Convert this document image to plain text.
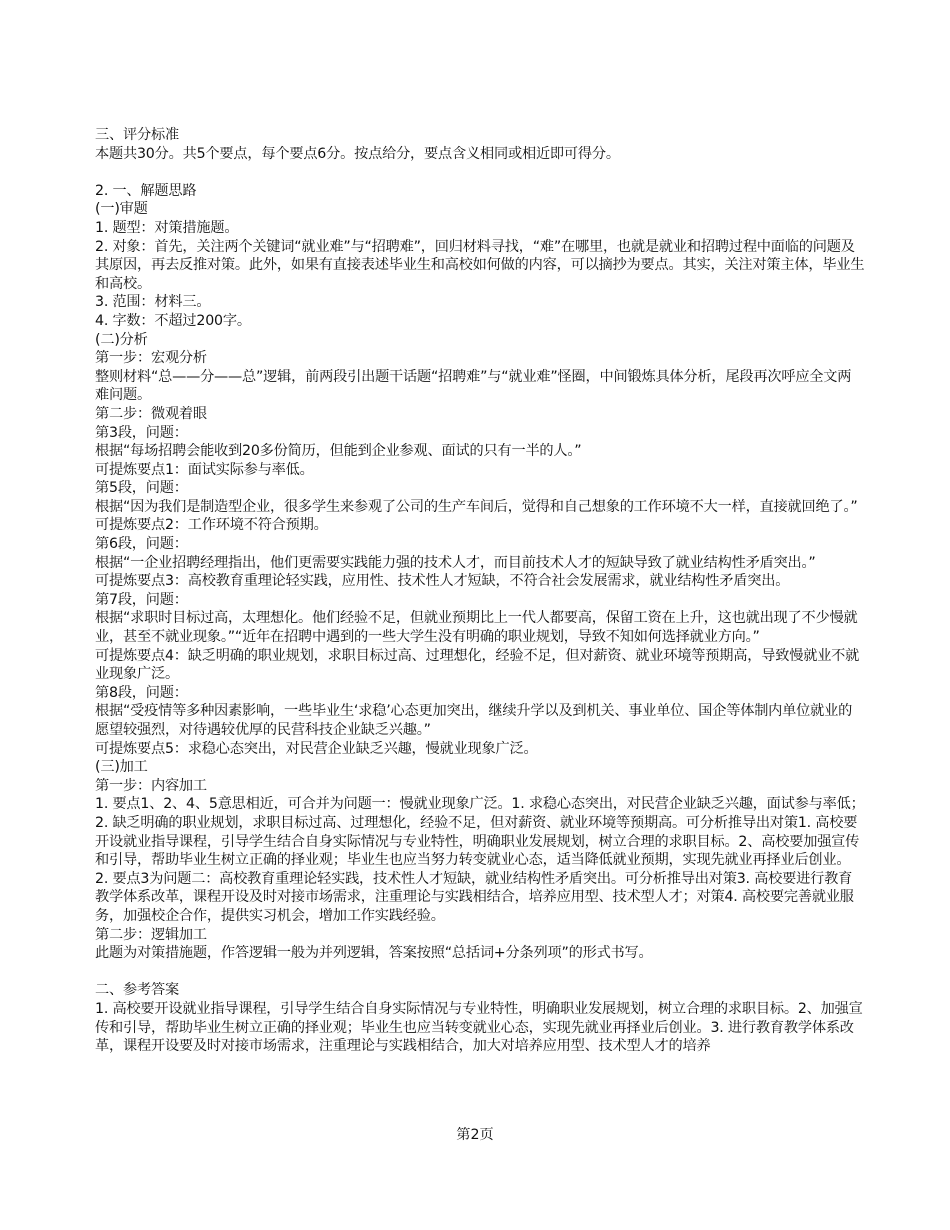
三、评分标准
本题共30分。共5个要点，每个要点6分。按点给分，要点含义相同或相近即可得分。
2. 一、解题思路
(一)审题
1. 题型：对策措施题。
2. 对象：首先，关注两个关键词“就业难”与“招聘难”，回归材料寻找，“难”在哪里，也就是就业和招聘过程中面临的问题及其原因，再去反推对策。此外，如果有直接表述毕业生和高校如何做的内容，可以摘抄为要点。其实，关注对策主体，毕业生和高校。
3. 范围：材料三。
4. 字数：不超过200字。
(二)分析
第一步：宏观分析
整则材料“总——分——总”逻辑，前两段引出题干话题“招聘难”与“就业难”怪圈，中间锻炼具体分析，尾段再次呼应全文两难问题。
第二步：微观着眼
第3段，问题：
根据“每场招聘会能收到20多份简历，但能到企业参观、面试的只有一半的人。”
可提炼要点1：面试实际参与率低。
第5段，问题：
根据“因为我们是制造型企业，很多学生来参观了公司的生产车间后，觉得和自己想象的工作环境不大一样，直接就回绝了。”
可提炼要点2：工作环境不符合预期。
第6段，问题：
根据“一企业招聘经理指出，他们更需要实践能力强的技术人才，而目前技术人才的短缺导致了就业结构性矛盾突出。”
可提炼要点3：高校教育重理论轻实践，应用性、技术性人才短缺，不符合社会发展需求，就业结构性矛盾突出。
第7段，问题：
根据“求职时目标过高，太理想化。他们经验不足，但就业预期比上一代人都要高，保留工资在上升，这也就出现了不少慢就业，甚至不就业现象。”“近年在招聘中遇到的一些大学生没有明确的职业规划，导致不知如何选择就业方向。”
可提炼要点4：缺乏明确的职业规划，求职目标过高、过理想化，经验不足，但对薪资、就业环境等预期高，导致慢就业不就业现象广泛。
第8段，问题：
根据“受疫情等多种因素影响，一些毕业生‘求稳’心态更加突出，继续升学以及到机关、事业单位、国企等体制内单位就业的愿望较强烈，对待遇较优厚的民营科技企业缺乏兴趣。”
可提炼要点5：求稳心态突出，对民营企业缺乏兴趣，慢就业现象广泛。
(三)加工
第一步：内容加工
1. 要点1、2、4、5意思相近，可合并为问题一：慢就业现象广泛。1. 求稳心态突出，对民营企业缺乏兴趣，面试参与率低；2. 缺乏明确的职业规划，求职目标过高、过理想化，经验不足，但对薪资、就业环境等预期高。可分析推导出对策1. 高校要开设就业指导课程，引导学生结合自身实际情况与专业特性，明确职业发展规划，树立合理的求职目标。2、高校要加强宣传和引导，帮助毕业生树立正确的择业观；毕业生也应当努力转变就业心态，适当降低就业预期，实现先就业再择业后创业。
2. 要点3为问题二：高校教育重理论轻实践，技术性人才短缺，就业结构性矛盾突出。可分析推导出对策3. 高校要进行教育教学体系改革，课程开设及时对接市场需求，注重理论与实践相结合，培养应用型、技术型人才；对策4. 高校要完善就业服务，加强校企合作，提供实习机会，增加工作实践经验。
第二步：逻辑加工
此题为对策措施题，作答逻辑一般为并列逻辑，答案按照“总括词+分条列项”的形式书写。
二、参考答案
1. 高校要开设就业指导课程，引导学生结合自身实际情况与专业特性，明确职业发展规划，树立合理的求职目标。2、加强宣传和引导，帮助毕业生树立正确的择业观；毕业生也应当转变就业心态，实现先就业再择业后创业。3. 进行教育教学体系改革，课程开设要及时对接市场需求，注重理论与实践相结合，加大对培养应用型、技术型人才的培养
第2页
